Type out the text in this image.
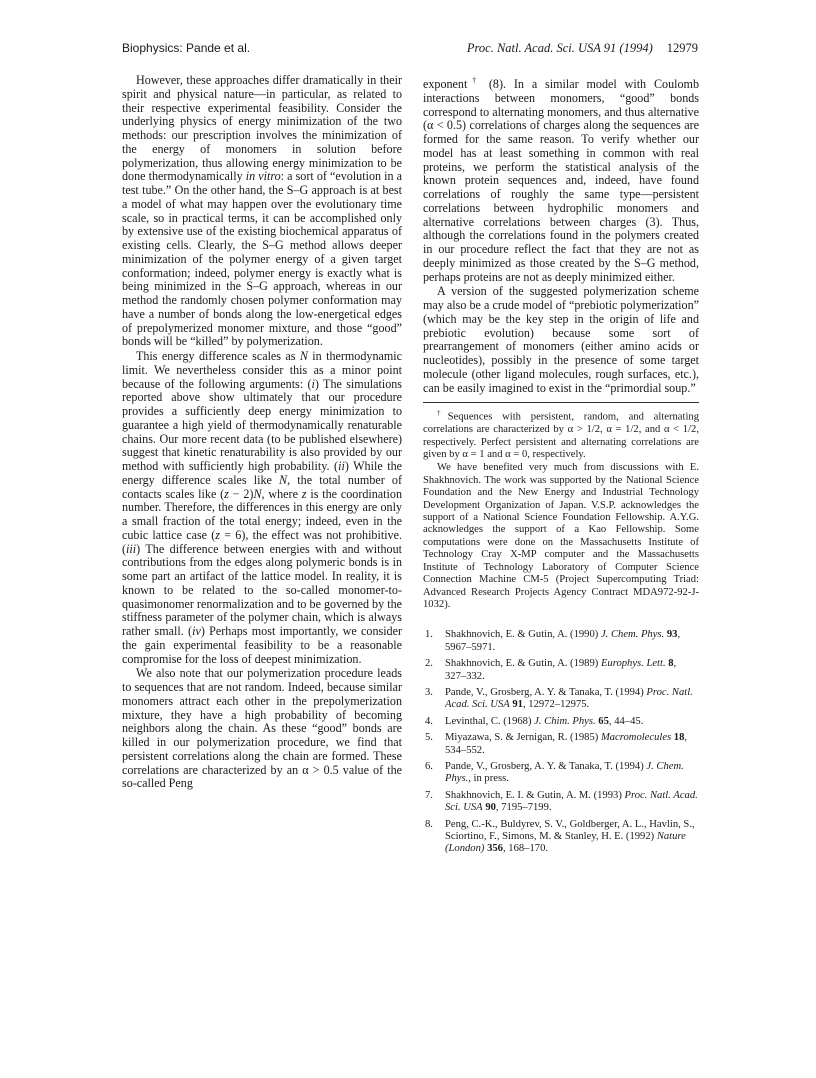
Biophysics: Pande et al.	Proc. Natl. Acad. Sci. USA 91 (1994) 12979

However, these approaches differ dramatically in their spirit and physical nature—in particular, as related to their respective experimental feasibility. Consider the underlying physics of energy minimization of the two methods: our prescription involves the minimization of the energy of monomers in solution before polymerization, thus allowing energy minimization to be done thermodynamically in vitro: a sort of “evolution in a test tube.” On the other hand, the S–G approach is at best a model of what may happen over the evolutionary time scale, so in practical terms, it can be accomplished only by extensive use of the existing biochemical apparatus of existing cells. Clearly, the S–G method allows deeper minimization of the polymer energy of a given target conformation; indeed, polymer energy is exactly what is being minimized in the S–G approach, whereas in our method the randomly chosen polymer conformation may have a number of bonds along the low-energetical edges of prepolymerized monomer mixture, and those “good” bonds will be “killed” by polymerization.

This energy difference scales as N in thermodynamic limit. We nevertheless consider this as a minor point because of the following arguments: (i) The simulations reported above show ultimately that our procedure provides a sufficiently deep energy minimization to guarantee a high yield of thermodynamically renaturable chains. Our more recent data (to be published elsewhere) suggest that kinetic renaturability is also provided by our method with sufficiently high probability. (ii) While the energy difference scales like N, the total number of contacts scales like (z − 2)N, where z is the coordination number. Therefore, the differences in this energy are only a small fraction of the total energy; indeed, even in the cubic lattice case (z = 6), the effect was not prohibitive. (iii) The difference between energies with and without contributions from the edges along polymeric bonds is in some part an artifact of the lattice model. In reality, it is known to be related to the so-called monomer-to-quasimonomer renormalization and to be governed by the stiffness parameter of the polymer chain, which is always rather small. (iv) Perhaps most importantly, we consider the gain experimental feasibility to be a reasonable compromise for the loss of deepest minimization.

We also note that our polymerization procedure leads to sequences that are not random. Indeed, because similar monomers attract each other in the prepolymerization mixture, they have a high probability of becoming neighbors along the chain. As these “good” bonds are killed in our polymerization procedure, we find that persistent correlations along the chain are formed. These correlations are characterized by an α > 0.5 value of the so-called Peng

exponent† (8). In a similar model with Coulomb interactions between monomers, “good” bonds correspond to alternating monomers, and thus alternative (α < 0.5) correlations of charges along the sequences are formed for the same reason. To verify whether our model has at least something in common with real proteins, we perform the statistical analysis of the known protein sequences and, indeed, have found correlations of roughly the same type—persistent correlations between hydrophilic monomers and alternative correlations between charges (3). Thus, although the correlations found in the polymers created in our procedure reflect the fact that they are not as deeply minimized as those created by the S–G method, perhaps proteins are not as deeply minimized either.

A version of the suggested polymerization scheme may also be a crude model of “prebiotic polymerization” (which may be the key step in the origin of life and prebiotic evolution) because some sort of prearrangement of monomers (either amino acids or nucleotides), possibly in the presence of some target molecule (other ligand molecules, rough surfaces, etc.), can be easily imagined to exist in the “primordial soup.”

†Sequences with persistent, random, and alternating correlations are characterized by α > 1/2, α = 1/2, and α < 1/2, respectively. Perfect persistent and alternating correlations are given by α = 1 and α = 0, respectively.

We have benefited very much from discussions with E. Shakhnovich. The work was supported by the National Science Foundation and the New Energy and Industrial Technology Development Organization of Japan. V.S.P. acknowledges the support of a National Science Foundation Fellowship. A.Y.G. acknowledges the support of a Kao Fellowship. Some computations were done on the Massachusetts Institute of Technology Cray X-MP computer and the Massachusetts Institute of Technology Laboratory of Computer Science Connection Machine CM-5 (Project Supercomputing Triad: Advanced Research Projects Agency Contract MDA972-92-J-1032).

1. Shakhnovich, E. & Gutin, A. (1990) J. Chem. Phys. 93, 5967–5971.
2. Shakhnovich, E. & Gutin, A. (1989) Europhys. Lett. 8, 327–332.
3. Pande, V., Grosberg, A. Y. & Tanaka, T. (1994) Proc. Natl. Acad. Sci. USA 91, 12972–12975.
4. Levinthal, C. (1968) J. Chim. Phys. 65, 44–45.
5. Miyazawa, S. & Jernigan, R. (1985) Macromolecules 18, 534–552.
6. Pande, V., Grosberg, A. Y. & Tanaka, T. (1994) J. Chem. Phys., in press.
7. Shakhnovich, E. I. & Gutin, A. M. (1993) Proc. Natl. Acad. Sci. USA 90, 7195–7199.
8. Peng, C.-K., Buldyrev, S. V., Goldberger, A. L., Havlin, S., Sciortino, F., Simons, M. & Stanley, H. E. (1992) Nature (London) 356, 168–170.
